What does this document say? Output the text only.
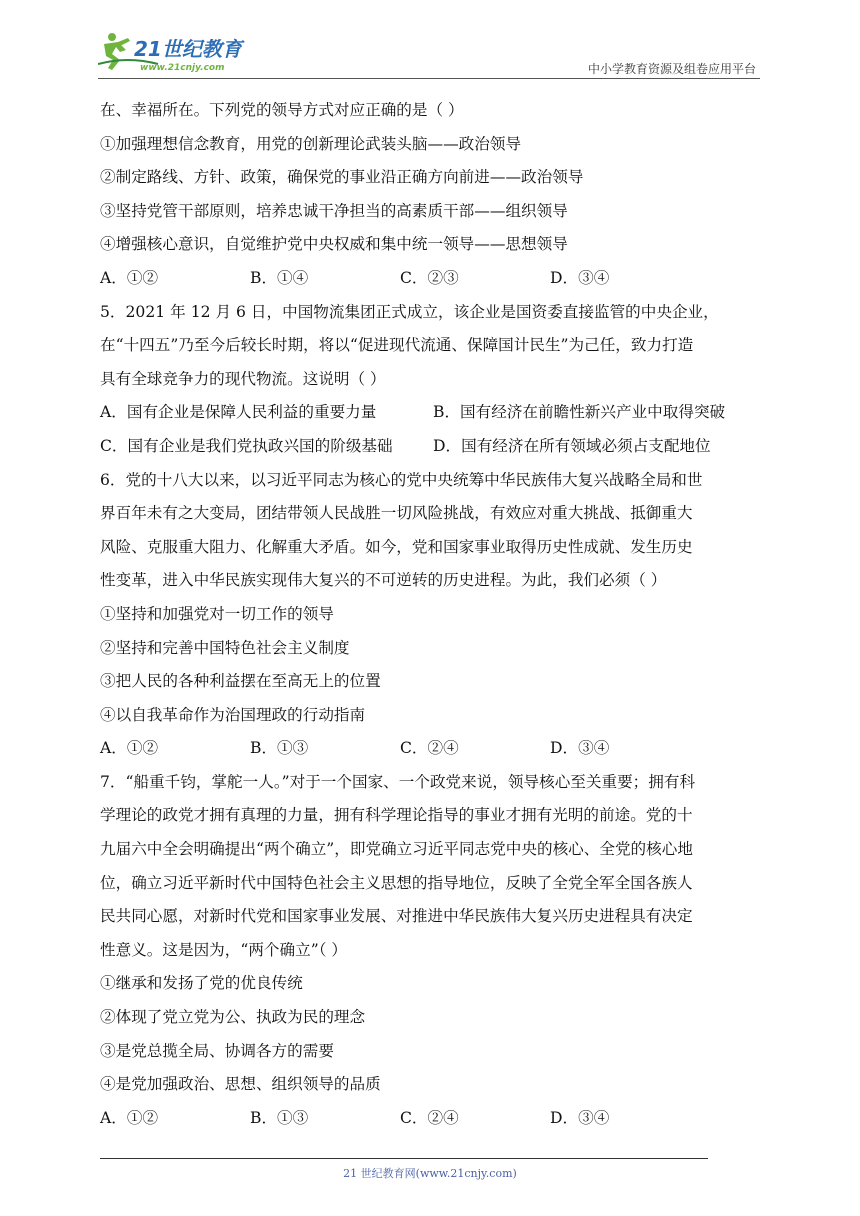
21世纪教育
www.21cnjy.com	中小学教育资源及组卷应用平台
在、幸福所在。下列党的领导方式对应正确的是（ ）
①加强理想信念教育，用党的创新理论武装头脑——政治领导
②制定路线、方针、政策，确保党的事业沿正确方向前进——政治领导
③坚持党管干部原则，培养忠诚干净担当的高素质干部——组织领导
④增强核心意识，自觉维护党中央权威和集中统一领导——思想领导
A．①②	B．①④	C．②③	D．③④
5．2021 年 12 月 6 日，中国物流集团正式成立，该企业是国资委直接监管的中央企业，
在“十四五”乃至今后较长时期，将以“促进现代流通、保障国计民生”为己任，致力打造
具有全球竞争力的现代物流。这说明（ ）
A．国有企业是保障人民利益的重要力量	B．国有经济在前瞻性新兴产业中取得突破
C．国有企业是我们党执政兴国的阶级基础	D．国有经济在所有领域必须占支配地位
6．党的十八大以来，以习近平同志为核心的党中央统筹中华民族伟大复兴战略全局和世
界百年未有之大变局，团结带领人民战胜一切风险挑战，有效应对重大挑战、抵御重大
风险、克服重大阻力、化解重大矛盾。如今，党和国家事业取得历史性成就、发生历史
性变革，进入中华民族实现伟大复兴的不可逆转的历史进程。为此，我们必须（ ）
①坚持和加强党对一切工作的领导
②坚持和完善中国特色社会主义制度
③把人民的各种利益摆在至高无上的位置
④以自我革命作为治国理政的行动指南
A．①②	B．①③	C．②④	D．③④
7．“船重千钧，掌舵一人。”对于一个国家、一个政党来说，领导核心至关重要；拥有科
学理论的政党才拥有真理的力量，拥有科学理论指导的事业才拥有光明的前途。党的十
九届六中全会明确提出“两个确立”，即党确立习近平同志党中央的核心、全党的核心地
位，确立习近平新时代中国特色社会主义思想的指导地位，反映了全党全军全国各族人
民共同心愿，对新时代党和国家事业发展、对推进中华民族伟大复兴历史进程具有决定
性意义。这是因为，“两个确立”（ ）
①继承和发扬了党的优良传统
②体现了党立党为公、执政为民的理念
③是党总揽全局、协调各方的需要
④是党加强政治、思想、组织领导的品质
A．①②	B．①③	C．②④	D．③④
21 世纪教育网(www.21cnjy.com)
